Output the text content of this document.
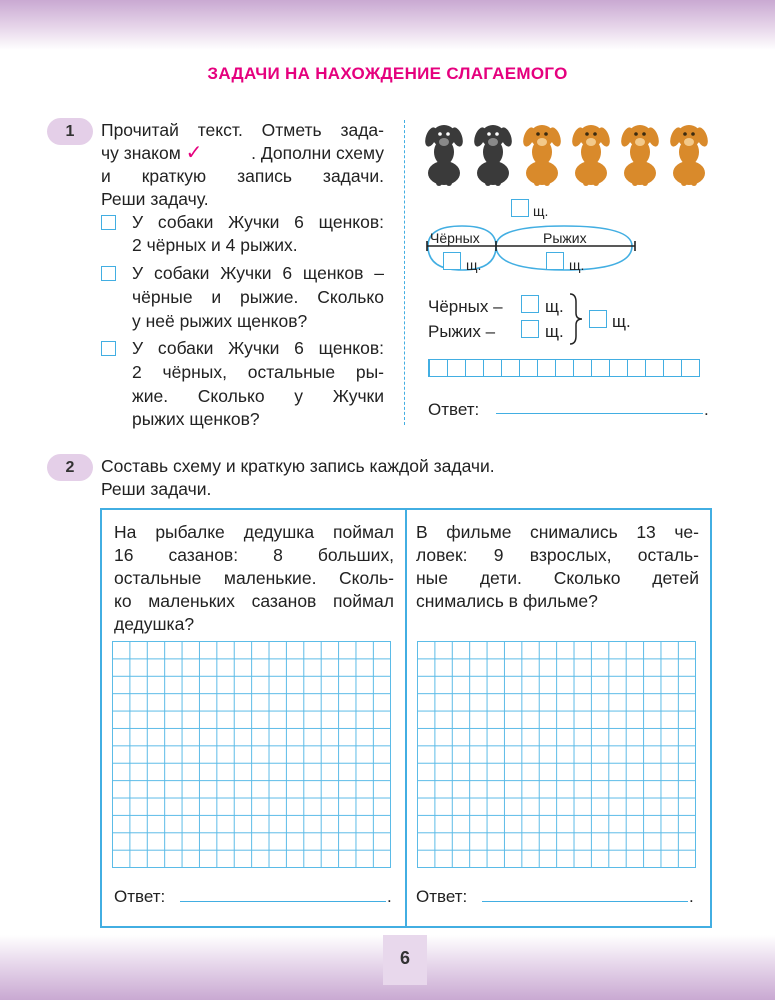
ЗАДАЧИ НА НАХОЖДЕНИЕ СЛАГАЕМОГО
1	Прочитай текст. Отметь зада-
чу знаком ✓	. Дополни схему
и краткую запись задачи.
Реши задачу.
У собаки Жучки 6 щенков:
2 чёрных и 4 рыжих.
У собаки Жучки 6 щенков –
чёрные и рыжие. Сколько
у неё рыжих щенков?
У собаки Жучки 6 щенков:
2 чёрных, остальные ры-
жие. Сколько у Жучки
рыжих щенков?
щ.
Чёрных	Рыжих
щ.	щ.
Чёрных – щ.
Рыжих –	щ.
щ.
Ответ:	.
2	Составь схему и краткую запись каждой задачи.
Реши задачи.
На рыбалке дедушка поймал
16 сазанов: 8 больших,
остальные маленькие. Сколь-
ко маленьких сазанов поймал
дедушка?
В фильме снимались 13 че-
ловек: 9 взрослых, осталь-
ные дети. Сколько детей
снимались в фильме?
Ответ:	. Ответ:	.
6
